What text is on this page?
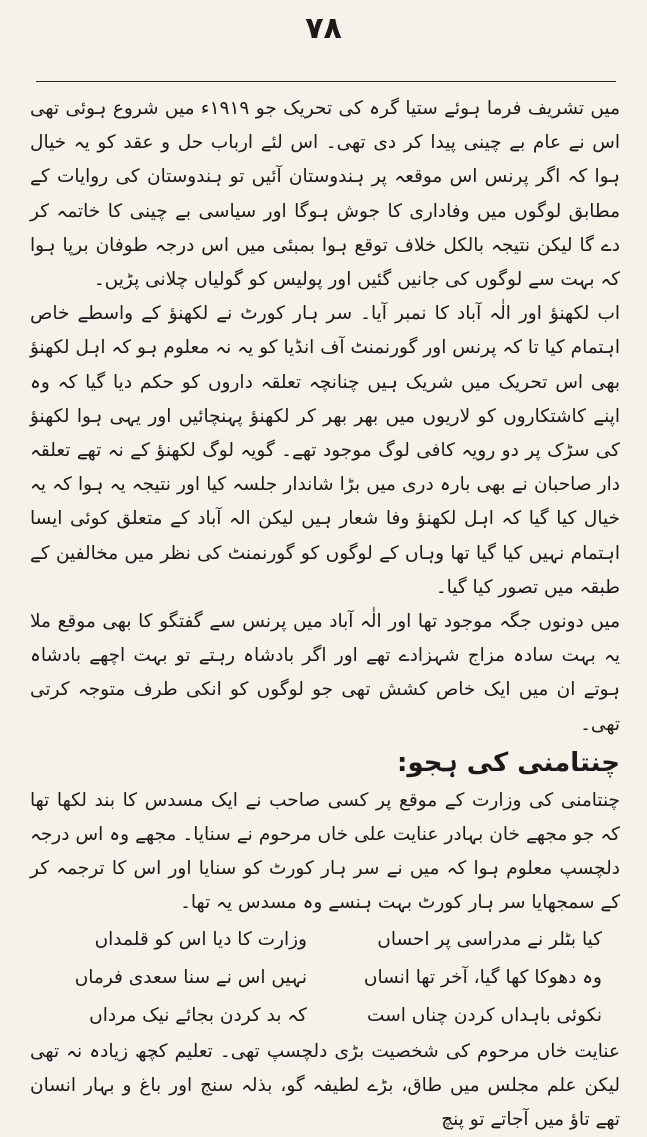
۷۸

میں تشریف فرما ہوئے ستیا گرہ کی تحریک جو ۱۹۱۹ء میں شروع ہوئی تھی اس نے عام بے چینی پیدا کر دی تھی۔ اس لئے ارباب حل و عقد کو یہ خیال ہوا کہ اگر پرنس اس موقعہ پر ہندوستان آئیں تو ہندوستان کی روایات کے مطابق لوگوں میں وفاداری کا جوش ہوگا اور سیاسی بے چینی کا خاتمہ کر دے گا لیکن نتیجہ بالکل خلاف توقع ہوا بمبئی میں اس درجہ طوفان برپا ہوا کہ بہت سے لوگوں کی جانیں گئیں اور پولیس کو گولیاں چلانی پڑیں۔

اب لکھنؤ اور الٰہ آباد کا نمبر آیا۔ سر ہار کورٹ نے لکھنؤ کے واسطے خاص اہتمام کیا تا کہ پرنس اور گورنمنٹ آف انڈیا کو یہ نہ معلوم ہو کہ اہل لکھنؤ بھی اس تحریک میں شریک ہیں چنانچہ تعلقہ داروں کو حکم دیا گیا کہ وہ اپنے کاشتکاروں کو لاریوں میں بھر بھر کر لکھنؤ پہنچائیں اور یہی ہوا لکھنؤ کی سڑک پر دو رویہ کافی لوگ موجود تھے۔ گویہ لوگ لکھنؤ کے نہ تھے تعلقہ دار صاحبان نے بھی بارہ دری میں بڑا شاندار جلسہ کیا اور نتیجہ یہ ہوا کہ یہ خیال کیا گیا کہ اہل لکھنؤ وفا شعار ہیں لیکن الہ آباد کے متعلق کوئی ایسا اہتمام نہیں کیا گیا تھا وہاں کے لوگوں کو گورنمنٹ کی نظر میں مخالفین کے طبقہ میں تصور کیا گیا۔

میں دونوں جگہ موجود تھا اور الٰہ آباد میں پرنس سے گفتگو کا بھی موقع ملا یہ بہت سادہ مزاج شہزادے تھے اور اگر بادشاہ رہتے تو بہت اچھے بادشاہ ہوتے ان میں ایک خاص کشش تھی جو لوگوں کو انکی طرف متوجہ کرتی تھی۔

چنتامنی کی ہجو:

چنتامنی کی وزارت کے موقع پر کسی صاحب نے ایک مسدس کا بند لکھا تھا کہ جو مجھے خان بہادر عنایت علی خاں مرحوم نے سنایا۔ مجھے وہ اس درجہ دلچسپ معلوم ہوا کہ میں نے سر ہار کورٹ کو سنایا اور اس کا ترجمہ کر کے سمجھایا سر ہار کورٹ بہت ہنسے وہ مسدس یہ تھا۔

کیا بٹلر نے مدراسی پر احساں	وزارت کا دیا اس کو قلمداں
وہ دھوکا کھا گیا، آخر تھا انساں	نہیں اس نے سنا سعدی فرماں
نکوئی باہداں کردن چناں است	کہ بد کردن بجائے نیک مرداں

عنایت خاں مرحوم کی شخصیت بڑی دلچسپ تھی۔ تعلیم کچھ زیادہ نہ تھی لیکن علم مجلس میں طاق، بڑے لطیفہ گو، بذلہ سنج اور باغ و بہار انسان تھے تاؤ میں آجاتے تو پنچ
